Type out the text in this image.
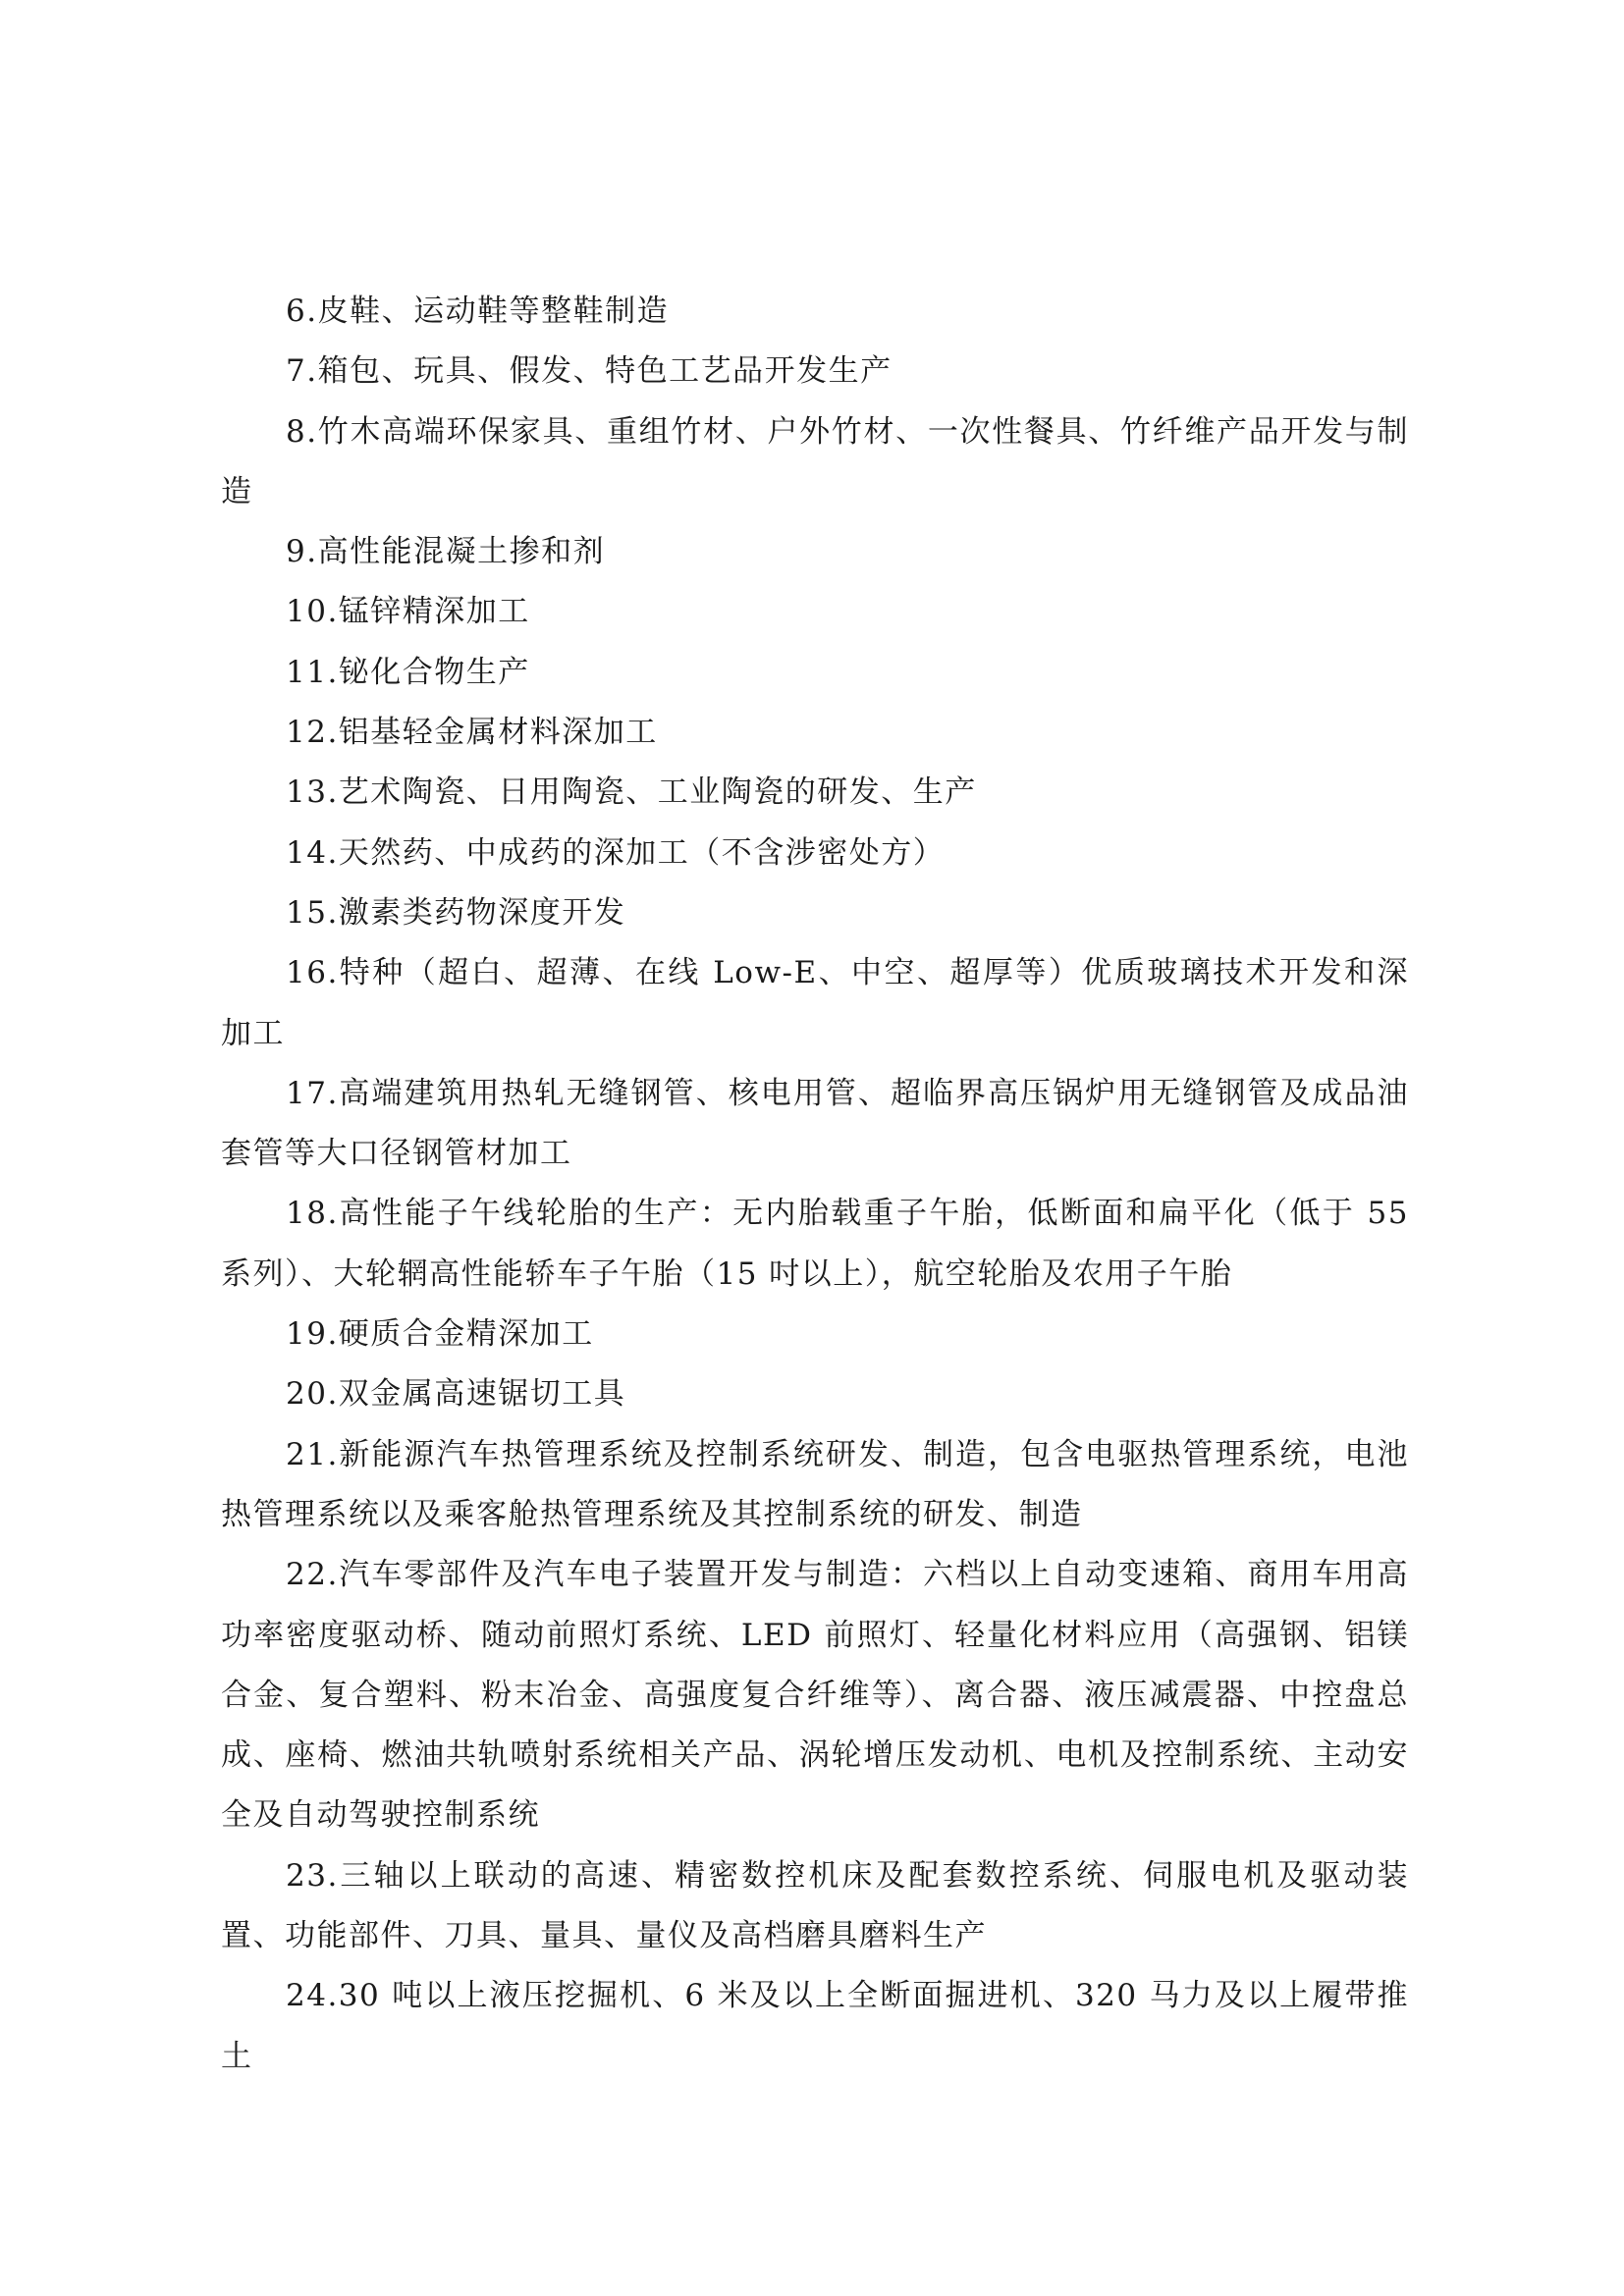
6.皮鞋、运动鞋等整鞋制造

7.箱包、玩具、假发、特色工艺品开发生产

8.竹木高端环保家具、重组竹材、户外竹材、一次性餐具、竹纤维产品开发与制造

9.高性能混凝土掺和剂

10.锰锌精深加工

11.铋化合物生产

12.铝基轻金属材料深加工

13.艺术陶瓷、日用陶瓷、工业陶瓷的研发、生产

14.天然药、中成药的深加工（不含涉密处方）

15.激素类药物深度开发

16.特种（超白、超薄、在线 Low-E、中空、超厚等）优质玻璃技术开发和深加工

17.高端建筑用热轧无缝钢管、核电用管、超临界高压锅炉用无缝钢管及成品油套管等大口径钢管材加工

18.高性能子午线轮胎的生产：无内胎载重子午胎，低断面和扁平化（低于 55 系列）、大轮辋高性能轿车子午胎（15 吋以上），航空轮胎及农用子午胎

19.硬质合金精深加工

20.双金属高速锯切工具

21.新能源汽车热管理系统及控制系统研发、制造，包含电驱热管理系统，电池热管理系统以及乘客舱热管理系统及其控制系统的研发、制造

22.汽车零部件及汽车电子装置开发与制造：六档以上自动变速箱、商用车用高功率密度驱动桥、随动前照灯系统、LED 前照灯、轻量化材料应用（高强钢、铝镁合金、复合塑料、粉末冶金、高强度复合纤维等）、离合器、液压减震器、中控盘总成、座椅、燃油共轨喷射系统相关产品、涡轮增压发动机、电机及控制系统、主动安全及自动驾驶控制系统

23.三轴以上联动的高速、精密数控机床及配套数控系统、伺服电机及驱动装置、功能部件、刀具、量具、量仪及高档磨具磨料生产

24.30 吨以上液压挖掘机、6 米及以上全断面掘进机、320 马力及以上履带推土
